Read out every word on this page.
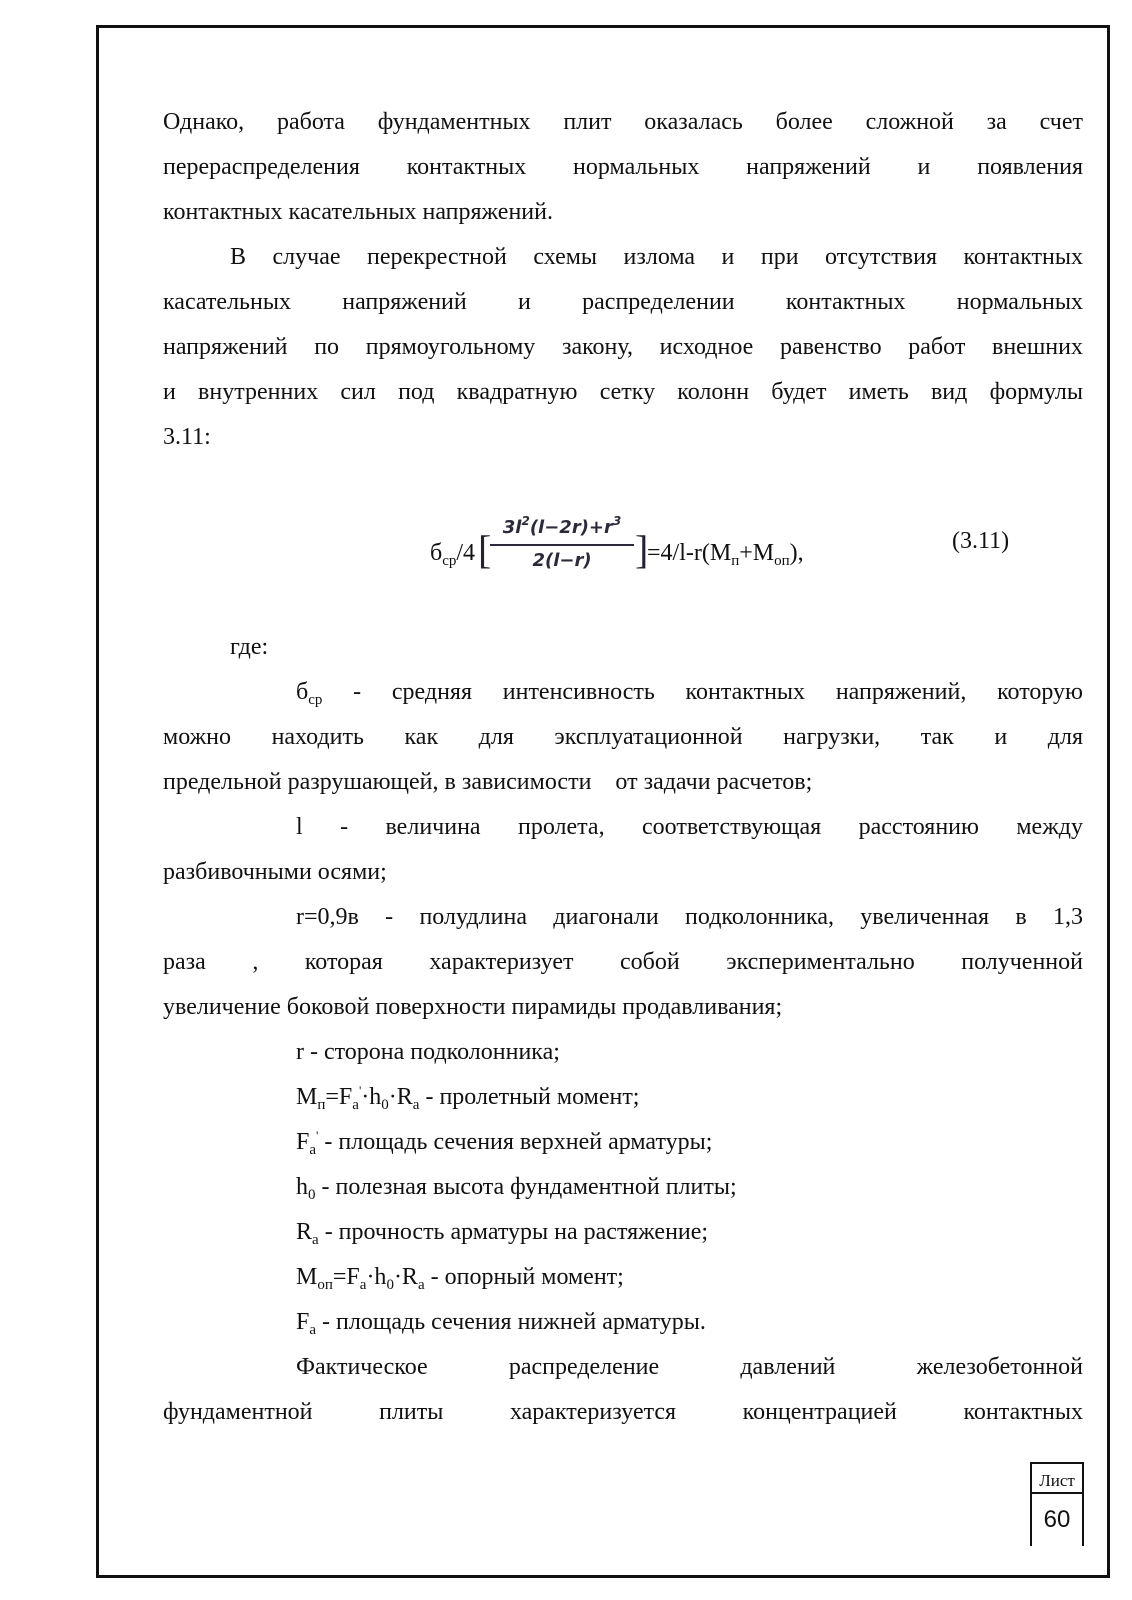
Однако, работа фундаментных плит оказалась более сложной за счет
перераспределения контактных нормальных напряжений и появления
контактных касательных напряжений.
В случае перекрестной схемы излома и при отсутствия контактных
касательных напряжений и распределении контактных нормальных
напряжений по прямоугольному закону, исходное равенство работ внешних
и внутренних сил под квадратную сетку колонн будет иметь вид формулы
3.11:
$б_{ср}/4$ [
$\frac{3l^2(l-2r)+r^3}{2(l-r)}$ ]
$=4/l-r(M_п+M_{оп})$,	(3.11)
где:
$б_{ср}$ - средняя интенсивность контактных напряжений, которую
можно находить как для эксплуатационной нагрузки, так и для
предельной разрушающей, в зависимости    от задачи расчетов;
l - величина пролета, соответствующая расстоянию между
разбивочными осями;
r=0,9в - полудлина диагонали подколонника, увеличенная в 1,3
раза , которая характеризует собой экспериментально полученной
увеличение боковой поверхности пирамиды продавливания;
r - сторона подколонника;
$M_п=F_a'\cdot h_0\cdot R_a$ - пролетный момент;
$F_a'$ - площадь сечения верхней арматуры;
$h_0$ - полезная высота фундаментной плиты;
$R_a$ - прочность арматуры на растяжение;
$M_{оп}=F_a\cdot h_0\cdot R_a$ - опорный момент;
$F_a$ - площадь сечения нижней арматуры.
Фактическое распределение давлений железобетонной
фундаментной плиты характеризуется концентрацией контактных
Лист
60
